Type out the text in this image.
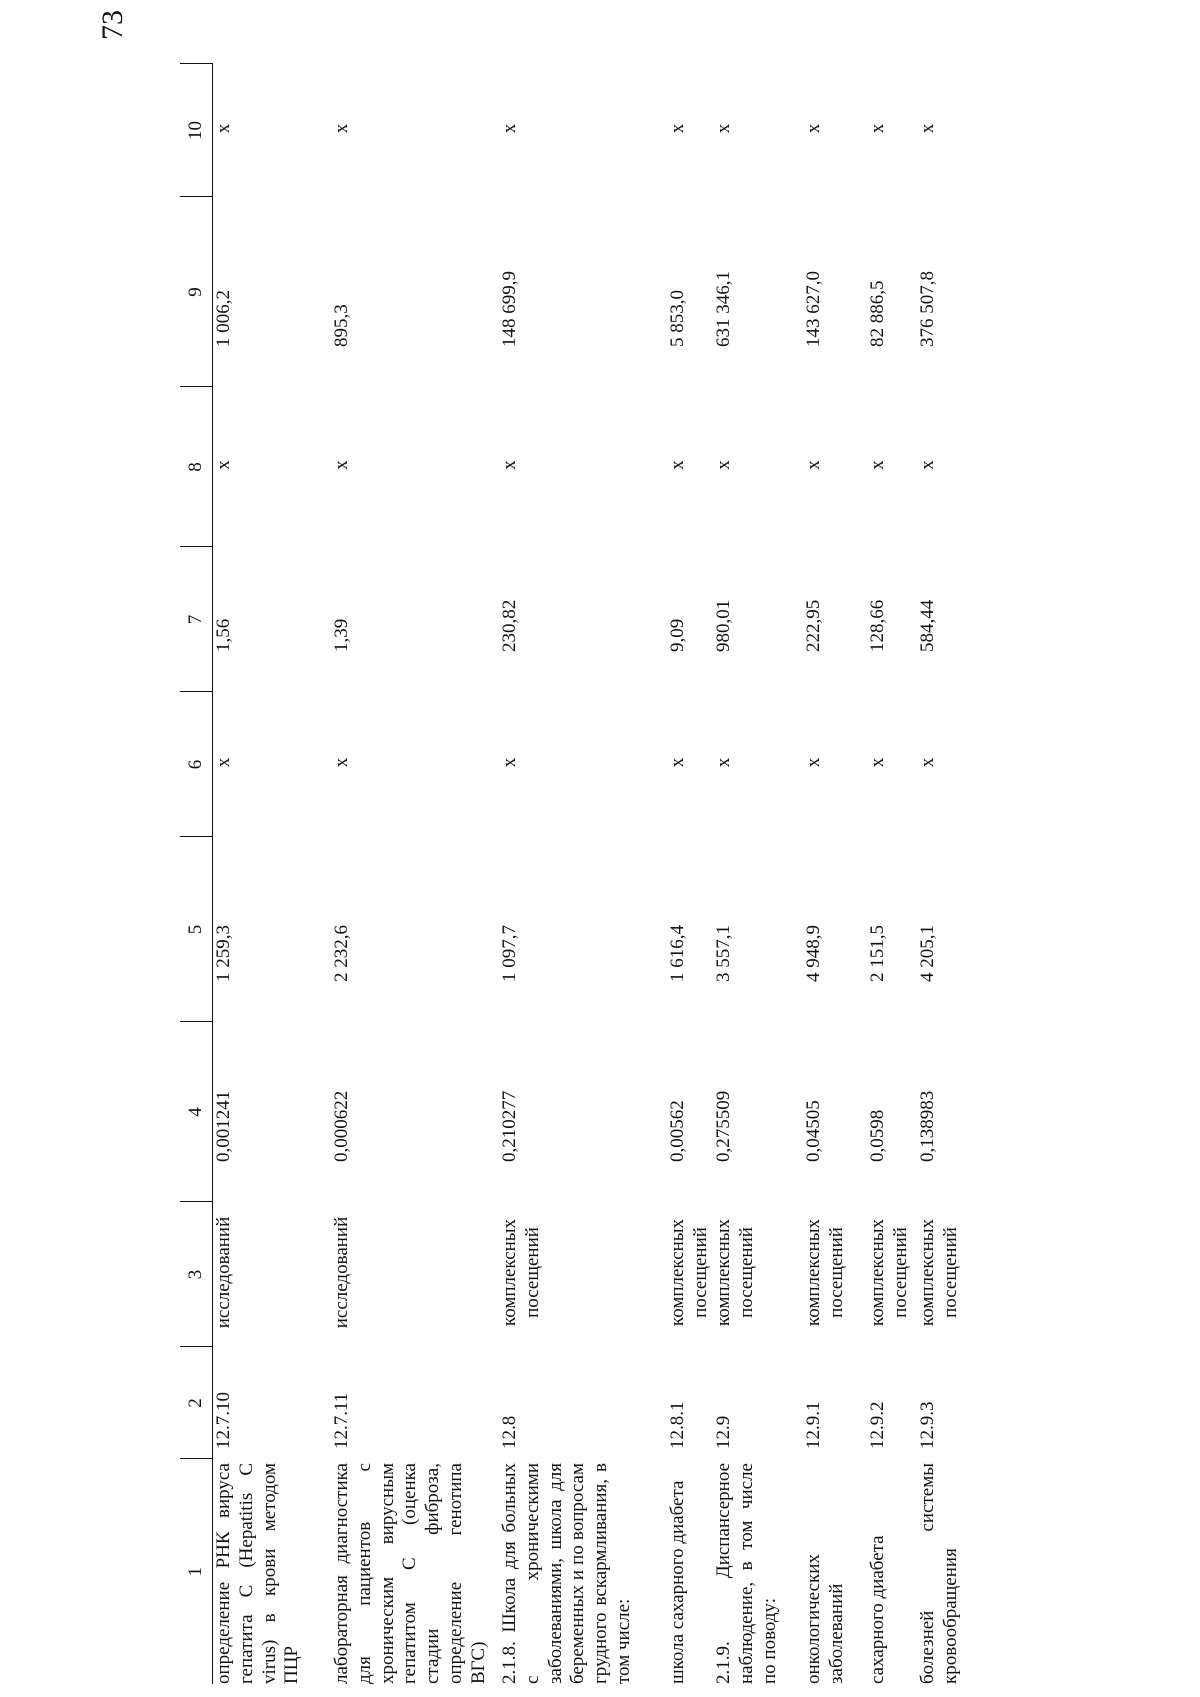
73
1	2	3	4	5	6	7	8	9	10
определение РНК вируса гепатита С (Hepatitis C virus) в крови методом ПЦР	12.7.10	исследований	0,001241	1 259,3	х	1,56	х	1 006,2	х
лабораторная диагностика для пациентов с хроническим вирусным гепатитом С (оценка стадии фиброза, определение генотипа ВГС)	12.7.11	исследований	0,000622	2 232,6	х	1,39	х	895,3	х
2.1.8. Школа для больных с хроническими заболеваниями, школа для беременных и по вопросам грудного вскармливания, в том числе:	12.8	комплексных посещений	0,210277	1 097,7	х	230,82	х	148 699,9	х
школа сахарного диабета	12.8.1	комплексных посещений	0,00562	1 616,4	х	9,09	х	5 853,0	х
2.1.9. Диспансерное наблюдение, в том числе по поводу:	12.9	комплексных посещений	0,275509	3 557,1	х	980,01	х	631 346,1	х
онкологических заболеваний	12.9.1	комплексных посещений	0,04505	4 948,9	х	222,95	х	143 627,0	х
сахарного диабета	12.9.2	комплексных посещений	0,0598	2 151,5	х	128,66	х	82 886,5	х
болезней системы кровообращения	12.9.3	комплексных посещений	0,138983	4 205,1	х	584,44	х	376 507,8	х
